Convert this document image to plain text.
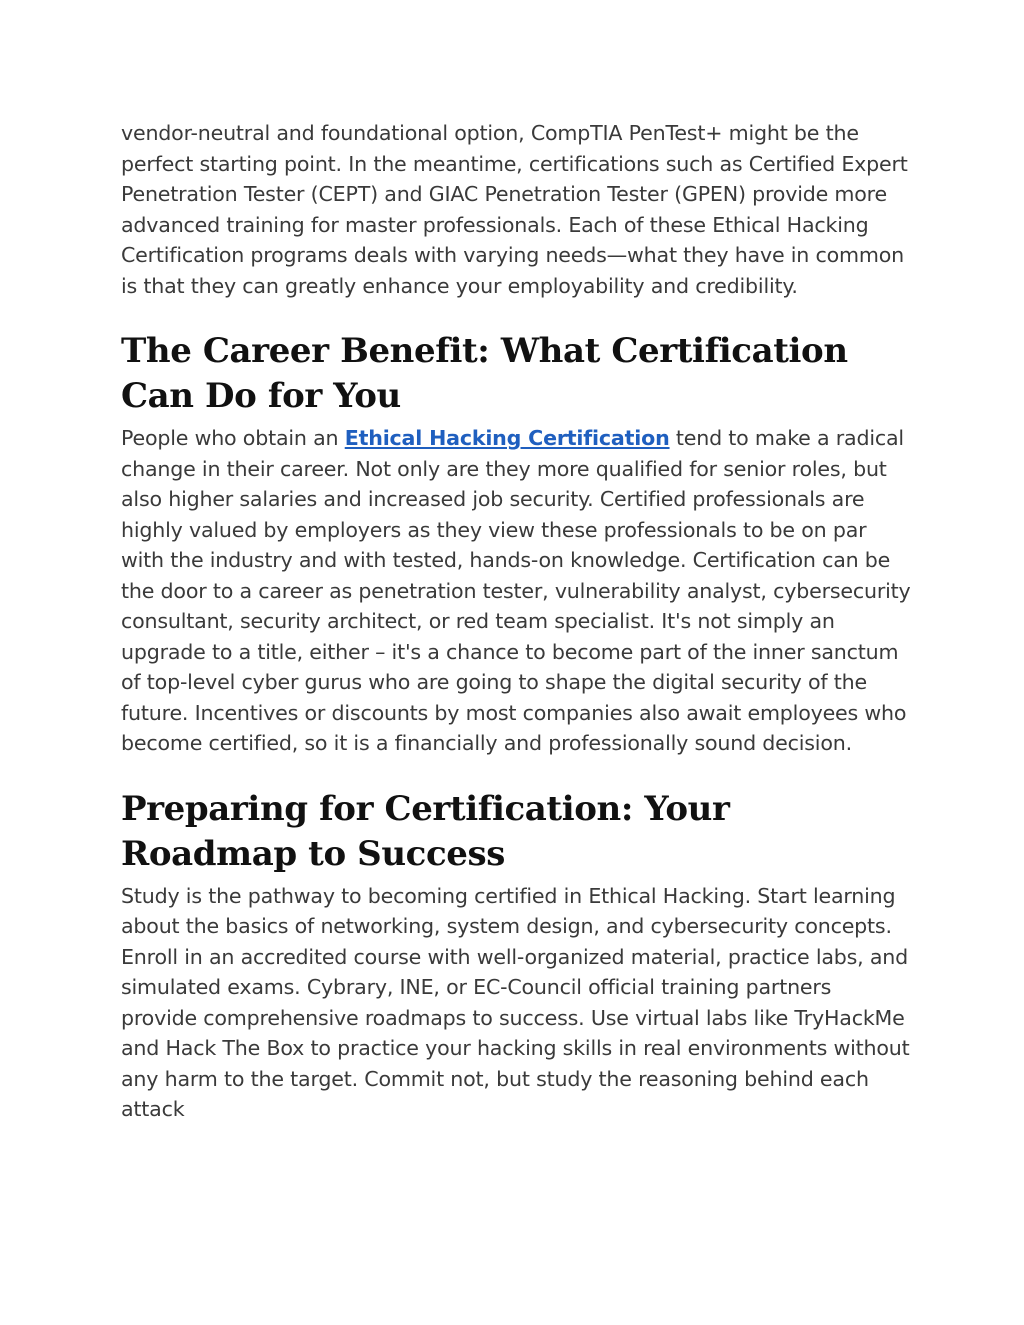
vendor-neutral and foundational option, CompTIA PenTest+ might be the perfect starting point. In the meantime, certifications such as Certified Expert Penetration Tester (CEPT) and GIAC Penetration Tester (GPEN) provide more advanced training for master professionals. Each of these Ethical Hacking Certification programs deals with varying needs—what they have in common is that they can greatly enhance your employability and credibility.

The Career Benefit: What Certification Can Do for You

People who obtain an Ethical Hacking Certification tend to make a radical change in their career. Not only are they more qualified for senior roles, but also higher salaries and increased job security. Certified professionals are highly valued by employers as they view these professionals to be on par with the industry and with tested, hands-on knowledge. Certification can be the door to a career as penetration tester, vulnerability analyst, cybersecurity consultant, security architect, or red team specialist. It's not simply an upgrade to a title, either – it's a chance to become part of the inner sanctum of top-level cyber gurus who are going to shape the digital security of the future. Incentives or discounts by most companies also await employees who become certified, so it is a financially and professionally sound decision.

Preparing for Certification: Your Roadmap to Success

Study is the pathway to becoming certified in Ethical Hacking. Start learning about the basics of networking, system design, and cybersecurity concepts. Enroll in an accredited course with well-organized material, practice labs, and simulated exams. Cybrary, INE, or EC-Council official training partners provide comprehensive roadmaps to success. Use virtual labs like TryHackMe and Hack The Box to practice your hacking skills in real environments without any harm to the target. Commit not, but study the reasoning behind each attack
